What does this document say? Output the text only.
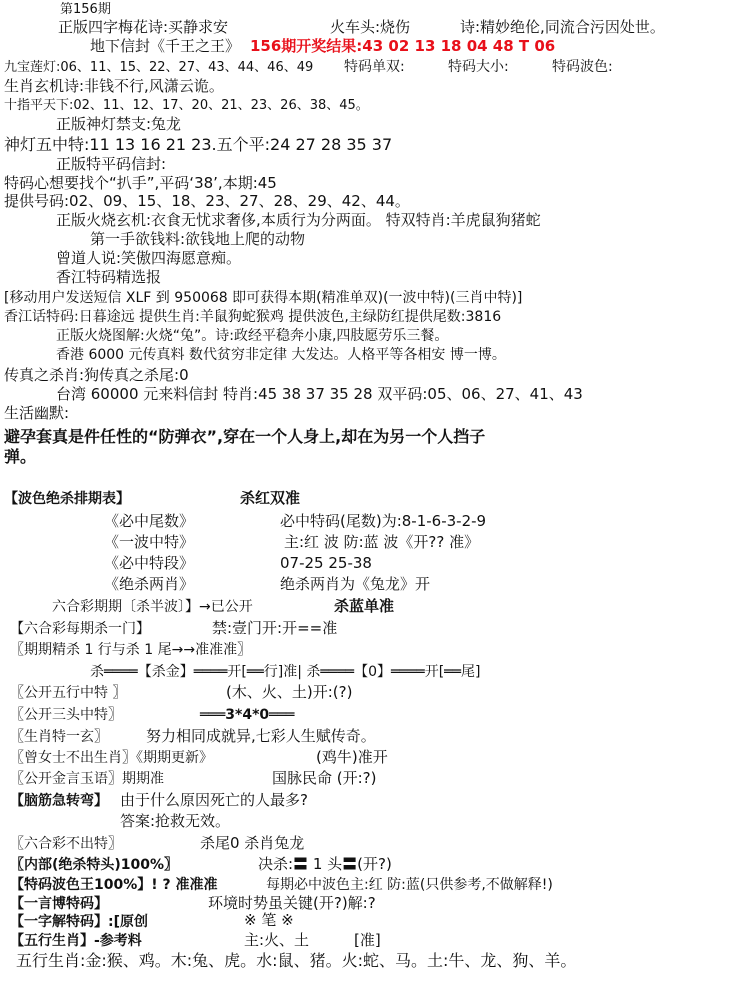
第156期
正版四字梅花诗:买静求安	火车头:烧伤	诗:精妙绝伦,同流合污因处世。
地下信封《千王之王》 156期开奖结果:43 02 13 18 04 48 T 06
九宝莲灯:06、11、15、22、27、43、44、46、49 特码单双:	特码大小:	特码波色:
生肖玄机诗:非钱不行,风潇云诡。
十指平天下:02、11、12、17、20、21、23、26、38、45。
正版神灯禁支:兔龙
神灯五中特:11 13 16 21 23.五个平:24 27 28 35 37
正版特平码信封:
特码心想要找个“扒手”,平码‘38’,本期:45
提供号码:02、09、15、18、23、27、28、29、42、44。
正版火烧玄机:衣食无忧求奢侈,本质行为分两面。 特双特肖:羊虎鼠狗猪蛇
第一手欲钱料:欲钱地上爬的动物
曾道人说:笑傲四海愿意痴。
香江特码精选报
[移动用户发送短信 XLF 到 950068 即可获得本期(精准单双)(一波中特)(三肖中特)]
香江话特码:日暮途远 提供生肖:羊鼠狗蛇猴鸡 提供波色,主绿防红提供尾数:3816
正版火烧图解:火烧“兔”。诗:政经平稳奔小康,四肢愿劳乐三餐。
香港 6000 元传真料 数代贫穷非定律 大发达。人格平等各相安 博一博。
传真之杀肖:狗传真之杀尾:0
台湾 60000 元来料信封 特肖:45 38 37 35 28 双平码:05、06、27、41、43
生活幽默:
避孕套真是件任性的“防弹衣”,穿在一个人身上,却在为另一个人挡子
弹。
【波色绝杀排期表】	杀红双准
《必中尾数》	必中特码(尾数)为:8-1-6-3-2-9
《一波中特》	主:红 波 防:蓝 波《开?? 准》
《必中特段》	07-25 25-38
《绝杀两肖》	绝杀两肖为《兔龙》开
六合彩期期〔杀半波〕】→已公开	杀蓝单准
【六合彩每期杀一门】	禁:壹门开:开==准
〖期期精杀 1 行与杀 1 尾→→准准准〗
杀════【杀金】════开[══行]准| 杀════【0】════开[══尾]
〖公开五行中特 〗	(木、火、土)开:(?)
〖公开三头中特〗	═══3*4*0═══
〖生肖特一玄〗	努力相同成就异,七彩人生赋传奇。
〖曾女士不出生肖〗《期期更新》	(鸡牛)准开
〖公开金言玉语〗期期准	国脉民命 (开:?)
【脑筋急转弯】 由于什么原因死亡的人最多?
答案:抢救无效。
〖六合彩不出特〗	杀尾0 杀肖兔龙
〖内部(绝杀特头)100%〗	决杀:〓 1 头〓(开?)
【特码波色王100%】! ? 准准准	每期必中波色主:红 防:蓝(只供参考,不做解释!)
【一言博特码】	环境时势虽关键(开?)解:?
【一字解特码】:[原创	※ 笔 ※
【五行生肖】-参考料	主:火、土	[准]
五行生肖:金:猴、鸡。木:兔、虎。水:鼠、猪。火:蛇、马。土:牛、龙、狗、羊。
